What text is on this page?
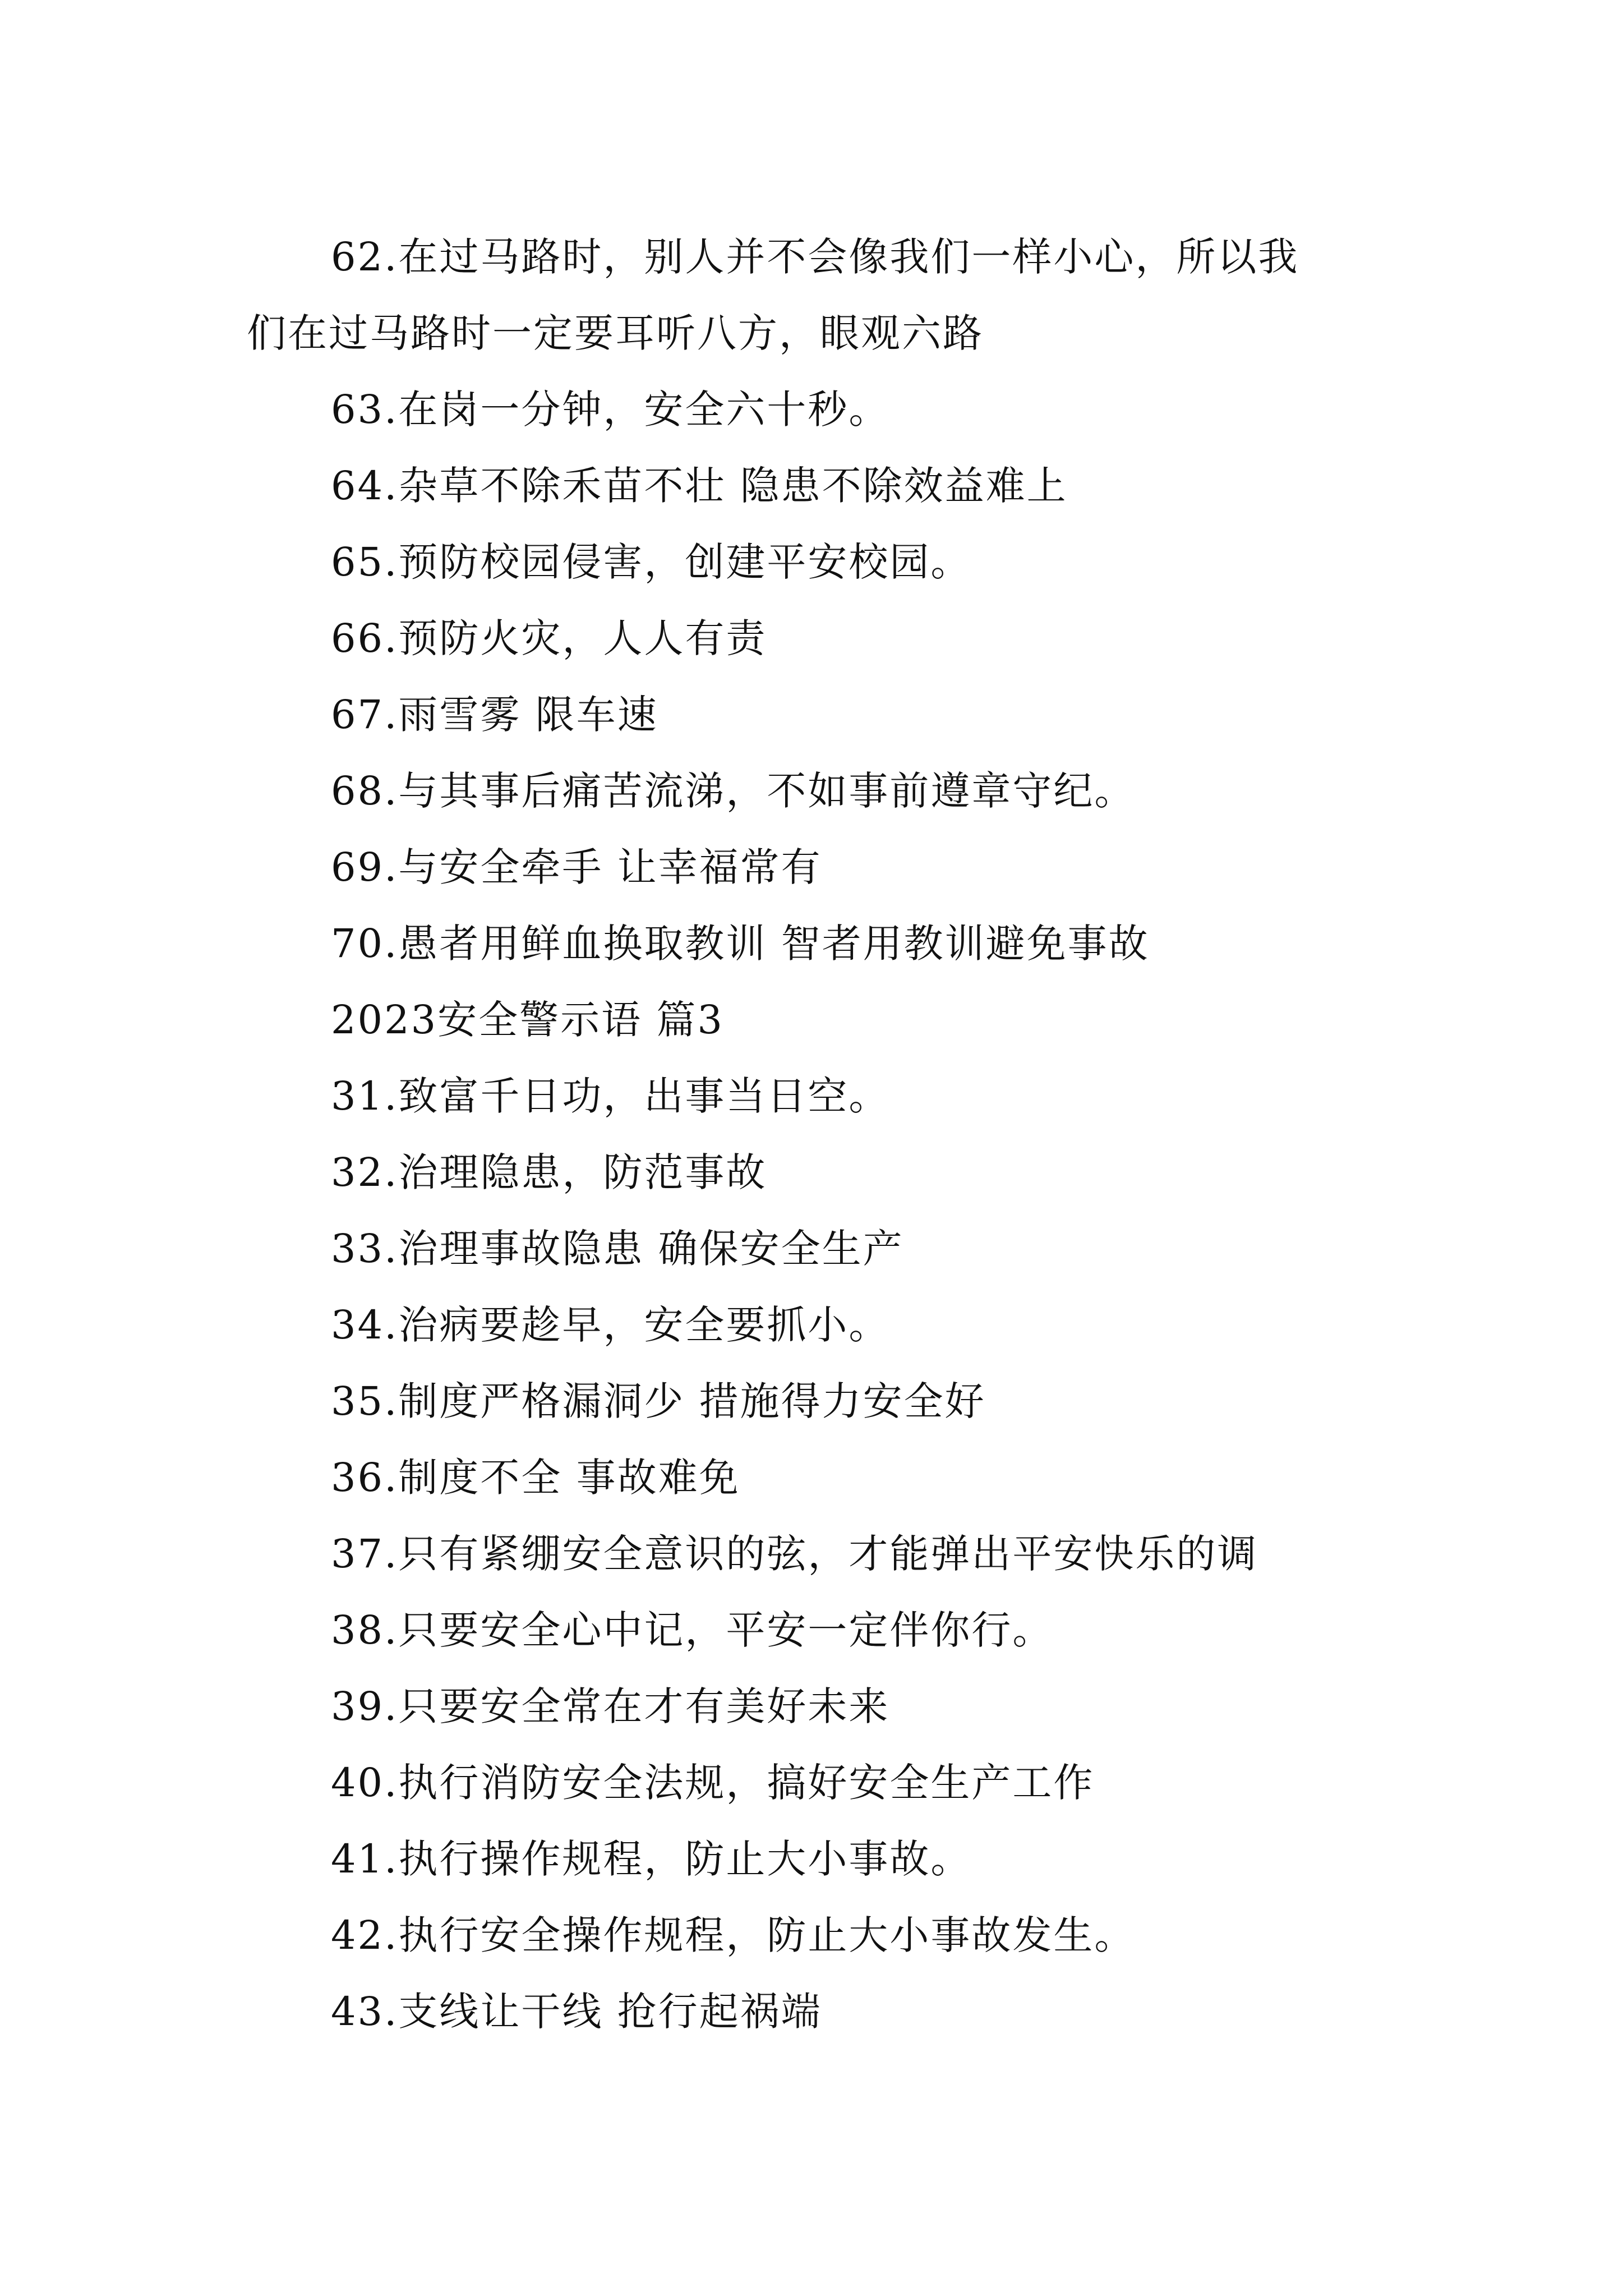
62.在过马路时，别人并不会像我们一样小心，所以我
们在过马路时一定要耳听八方，眼观六路
63.在岗一分钟，安全六十秒。
64.杂草不除禾苗不壮 隐患不除效益难上
65.预防校园侵害，创建平安校园。
66.预防火灾，人人有责
67.雨雪雾 限车速
68.与其事后痛苦流涕，不如事前遵章守纪。
69.与安全牵手 让幸福常有
70.愚者用鲜血换取教训 智者用教训避免事故
2023安全警示语 篇3
31.致富千日功，出事当日空。
32.治理隐患，防范事故
33.治理事故隐患 确保安全生产
34.治病要趁早，安全要抓小。
35.制度严格漏洞少 措施得力安全好
36.制度不全 事故难免
37.只有紧绷安全意识的弦，才能弹出平安快乐的调
38.只要安全心中记，平安一定伴你行。
39.只要安全常在才有美好未来
40.执行消防安全法规，搞好安全生产工作
41.执行操作规程，防止大小事故。
42.执行安全操作规程，防止大小事故发生。
43.支线让干线 抢行起祸端
